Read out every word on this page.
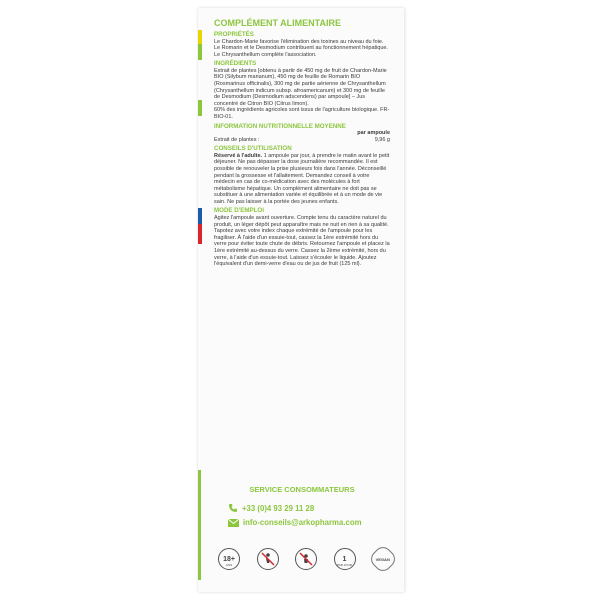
COMPLÉMENT ALIMENTAIRE
PROPRIÉTÉS

Le Chardon-Marie favorise l'élimination des toxines au niveau du foie.

Le Romarin et le Desmodium contribuent au fonctionnement hépatique.

Le Chrysanthellum complète l'association.

INGRÉDIENTS

Extrait de plantes [obtenu à partir de 450 mg de fruit de Chardon-Marie BIO (Silybum marianum), 450 mg de feuille de Romarin BIO (Rosmarinus officinalis), 300 mg de partie aérienne de Chrysanthellum (Chrysanthellum indicum subsp. afroamericanum) et 300 mg de feuille de Desmodium (Desmodium adscendens) par ampoule] – Jus concentré de Citron BIO (Citrus limon).

60% des ingrédients agricoles sont issus de l'agriculture biologique. FR-BIO-01.

INFORMATION NUTRITIONNELLE MOYENNE

par ampoule

Extrait de plantes :	9,96 g
CONSEILS D'UTILISATION

Réservé à l'adulte. 1 ampoule par jour, à prendre le matin avant le petit déjeuner. Ne pas dépasser la dose journalière recommandée. Il est possible de renouveler la prise plusieurs fois dans l'année. Déconseillé pendant la grossesse et l'allaitement. Demandez conseil à votre médecin en cas de co-médication avec des molécules à fort métabolisme hépatique. Un complément alimentaire ne doit pas se substituer à une alimentation variée et équilibrée et à un mode de vie sain. Ne pas laisser à la portée des jeunes enfants.

MODE D'EMPLOI

Agitez l'ampoule avant ouverture. Compte tenu du caractère naturel du produit, un léger dépôt peut apparaître mais ne nuit en rien à sa qualité. Tapotez avec votre index chaque extrémité de l'ampoule pour les fragiliser. À l'aide d'un essuie-tout, cassez la 1ère extrémité hors du verre pour éviter toute chute de débris. Retournez l'ampoule et placez la 1ère extrémité au-dessus du verre. Cassez la 2ème extrémité, hors du verre, à l'aide d'un essuie-tout. Laissez s'écouler le liquide. Ajoutez l'équivalent d'un demi-verre d'eau ou de jus de fruit (125 ml).

SERVICE CONSOMMATEURS
+33 (0)4 93 29 11 28
info-conseils@arkopharma.com
18+
ANS
1
PAR JOUR
VEGAN
